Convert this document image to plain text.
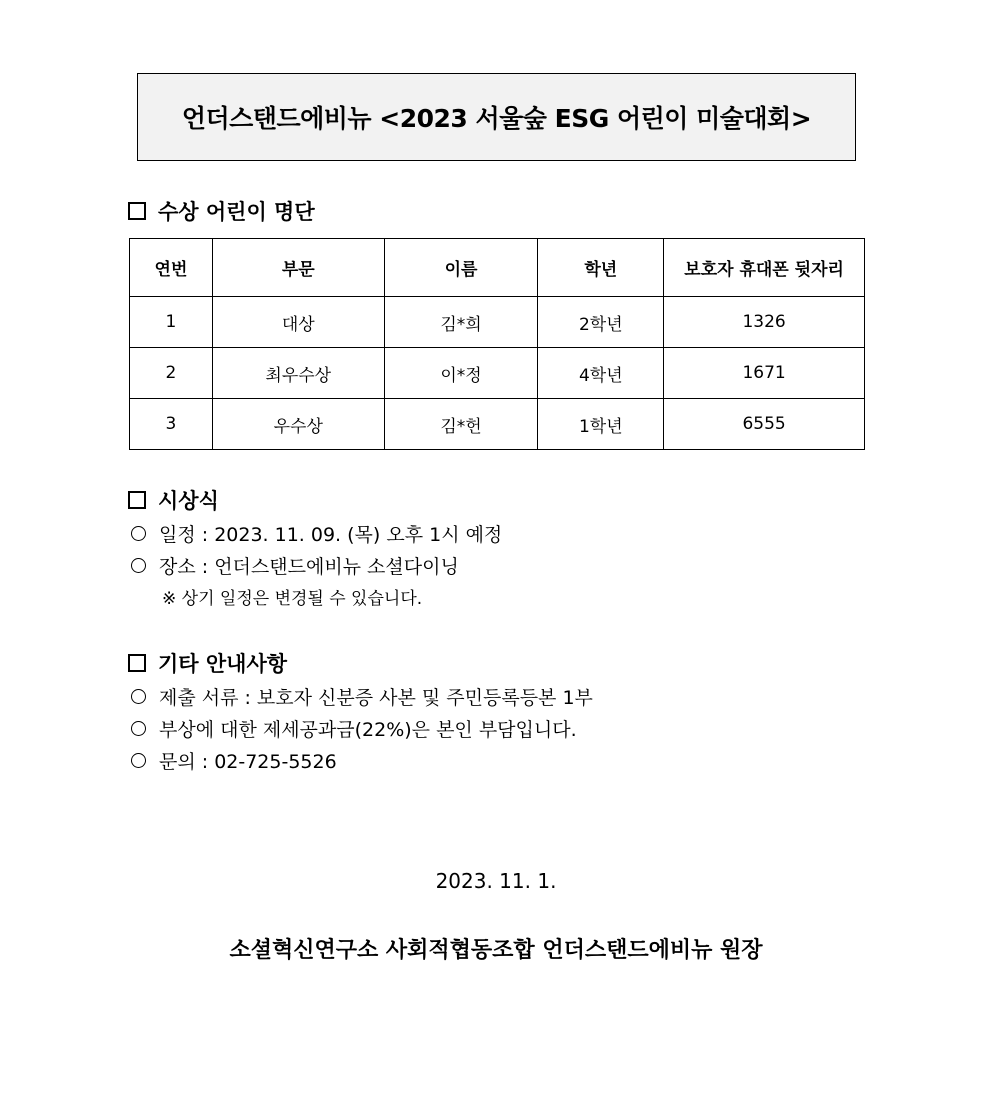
언더스탠드에비뉴 <2023 서울숲 ESG 어린이 미술대회>
수상 어린이 명단
연번	부문	이름	학년	보호자 휴대폰 뒷자리
1	대상	김*희	2학년	1326
2	최우수상	이*정	4학년	1671
3	우수상	김*헌	1학년	6555
시상식
일정 : 2023. 11. 09. (목) 오후 1시 예정
장소 : 언더스탠드에비뉴 소셜다이닝
※ 상기 일정은 변경될 수 있습니다.
기타 안내사항
제출 서류 : 보호자 신분증 사본 및 주민등록등본 1부
부상에 대한 제세공과금(22%)은 본인 부담입니다.
문의 : 02-725-5526
2023. 11. 1.
소셜혁신연구소 사회적협동조합 언더스탠드에비뉴 원장
